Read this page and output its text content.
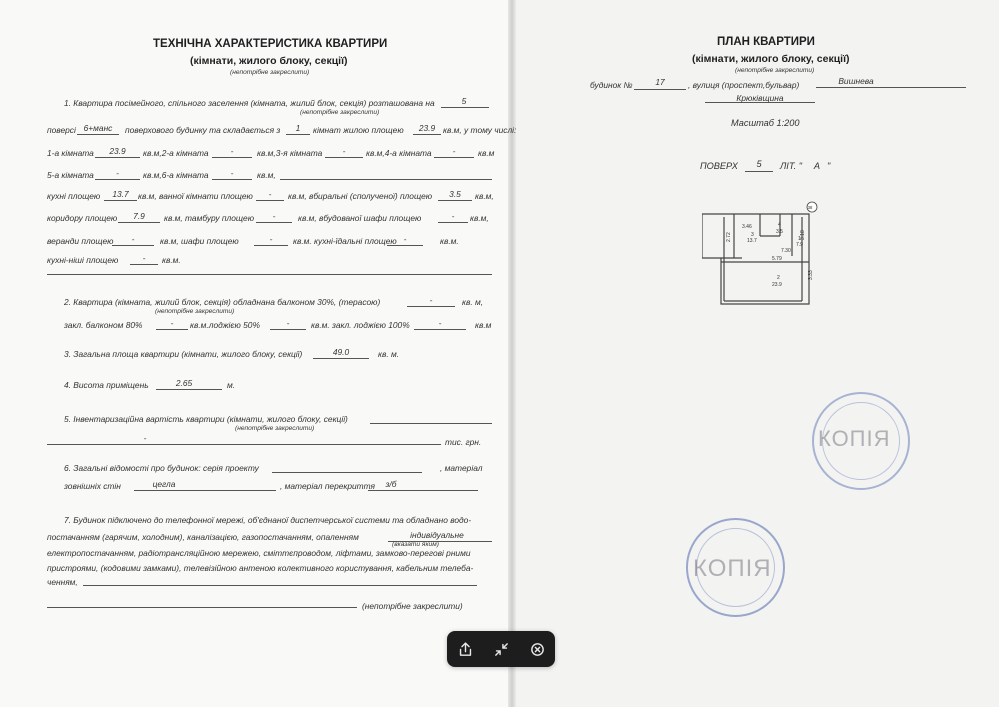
ТЕХНІЧНА ХАРАКТЕРИСТИКА КВАРТИРИ
(кімнати, жилого блоку, секції)
(непотрібне закреслити)
1. Квартира посімейного, спільного заселення (кімната, жилий блок, секція) розташована на	5
(непотрібне закреслити)
поверсі 6+манс	поверхового будинку та складається з	1	кімнат жилою площею	23.9 кв.м, у тому числі:
1-а кімната	23.9	кв.м,2-а кімната	-	кв.м,3-я кімната	-	кв.м,4-а кімната	-	кв.м
5-а кімната	-	кв.м,6-а кімната	-	кв.м,
кухні площею	13.7	кв.м, ванної кімнати площею	-	кв.м, вбиральні (сполученої) площею	3.5	кв.м,
коридору площею	7.9	кв.м, тамбуру площею	-	кв.м, вбудованої шафи площею	-	кв.м,
веранди площею	-	кв.м, шафи площею	-	кв.м. кухні-їдальні площею -	кв.м.
кухні-ніші площею	-	кв.м.
2. Квартира (кімната, жилий блок, секція) обладнана балконом 30%, (терасою)	-	кв. м,
(непотрібне закреслити)
закл. балконом 80%	-	кв.м.лоджією 50%	-	кв.м. закл. лоджією 100%	-	кв.м
3. Загальна площа квартири (кімнати, жилого блоку, секції)	49.0	кв. м.
4. Висота приміщень	2.65	м.
5. Інвентаризаційна вартість квартири (кімнати, жилого блоку, секції)
(непотрібне закреслити)
-	тис. грн.
6. Загальні відомості про будинок: серія проекту	, матеріал
зовнішніх стін	цегла	, матеріал перекриття	з/б
7. Будинок підключено до телефонної мережі, об'єднаної диспетчерської системи та обладнано водо-
постачанням (гарячим, холодним), каналізацією, газопостачанням, опаленням	індивідуальне
(вказати яким)
електропостачанням, радіотрансляційною мережею, сміттєпроводом, ліфтами, замково-перегові рними
пристроями, (кодовими замками), телевізійною антеною колективного користування, кабельним телеба-
ченням,
(непотрібне закреслити)
ПЛАН КВАРТИРИ
(кімнати, жилого блоку, секції)
(непотрібне закреслити)
будинок №	17	, вулиця (проспект,бульвар)	Вишнева
Крюківщина
Масштаб 1:200
ПОВЕРХ	5	ЛІТ. "	А "
38
3.46
3
13.7
2.72
4
3.5
1
7.9
7.30
3.18
5.79
2
23.9
3.33
КОПІЯ
КОПІЯ
